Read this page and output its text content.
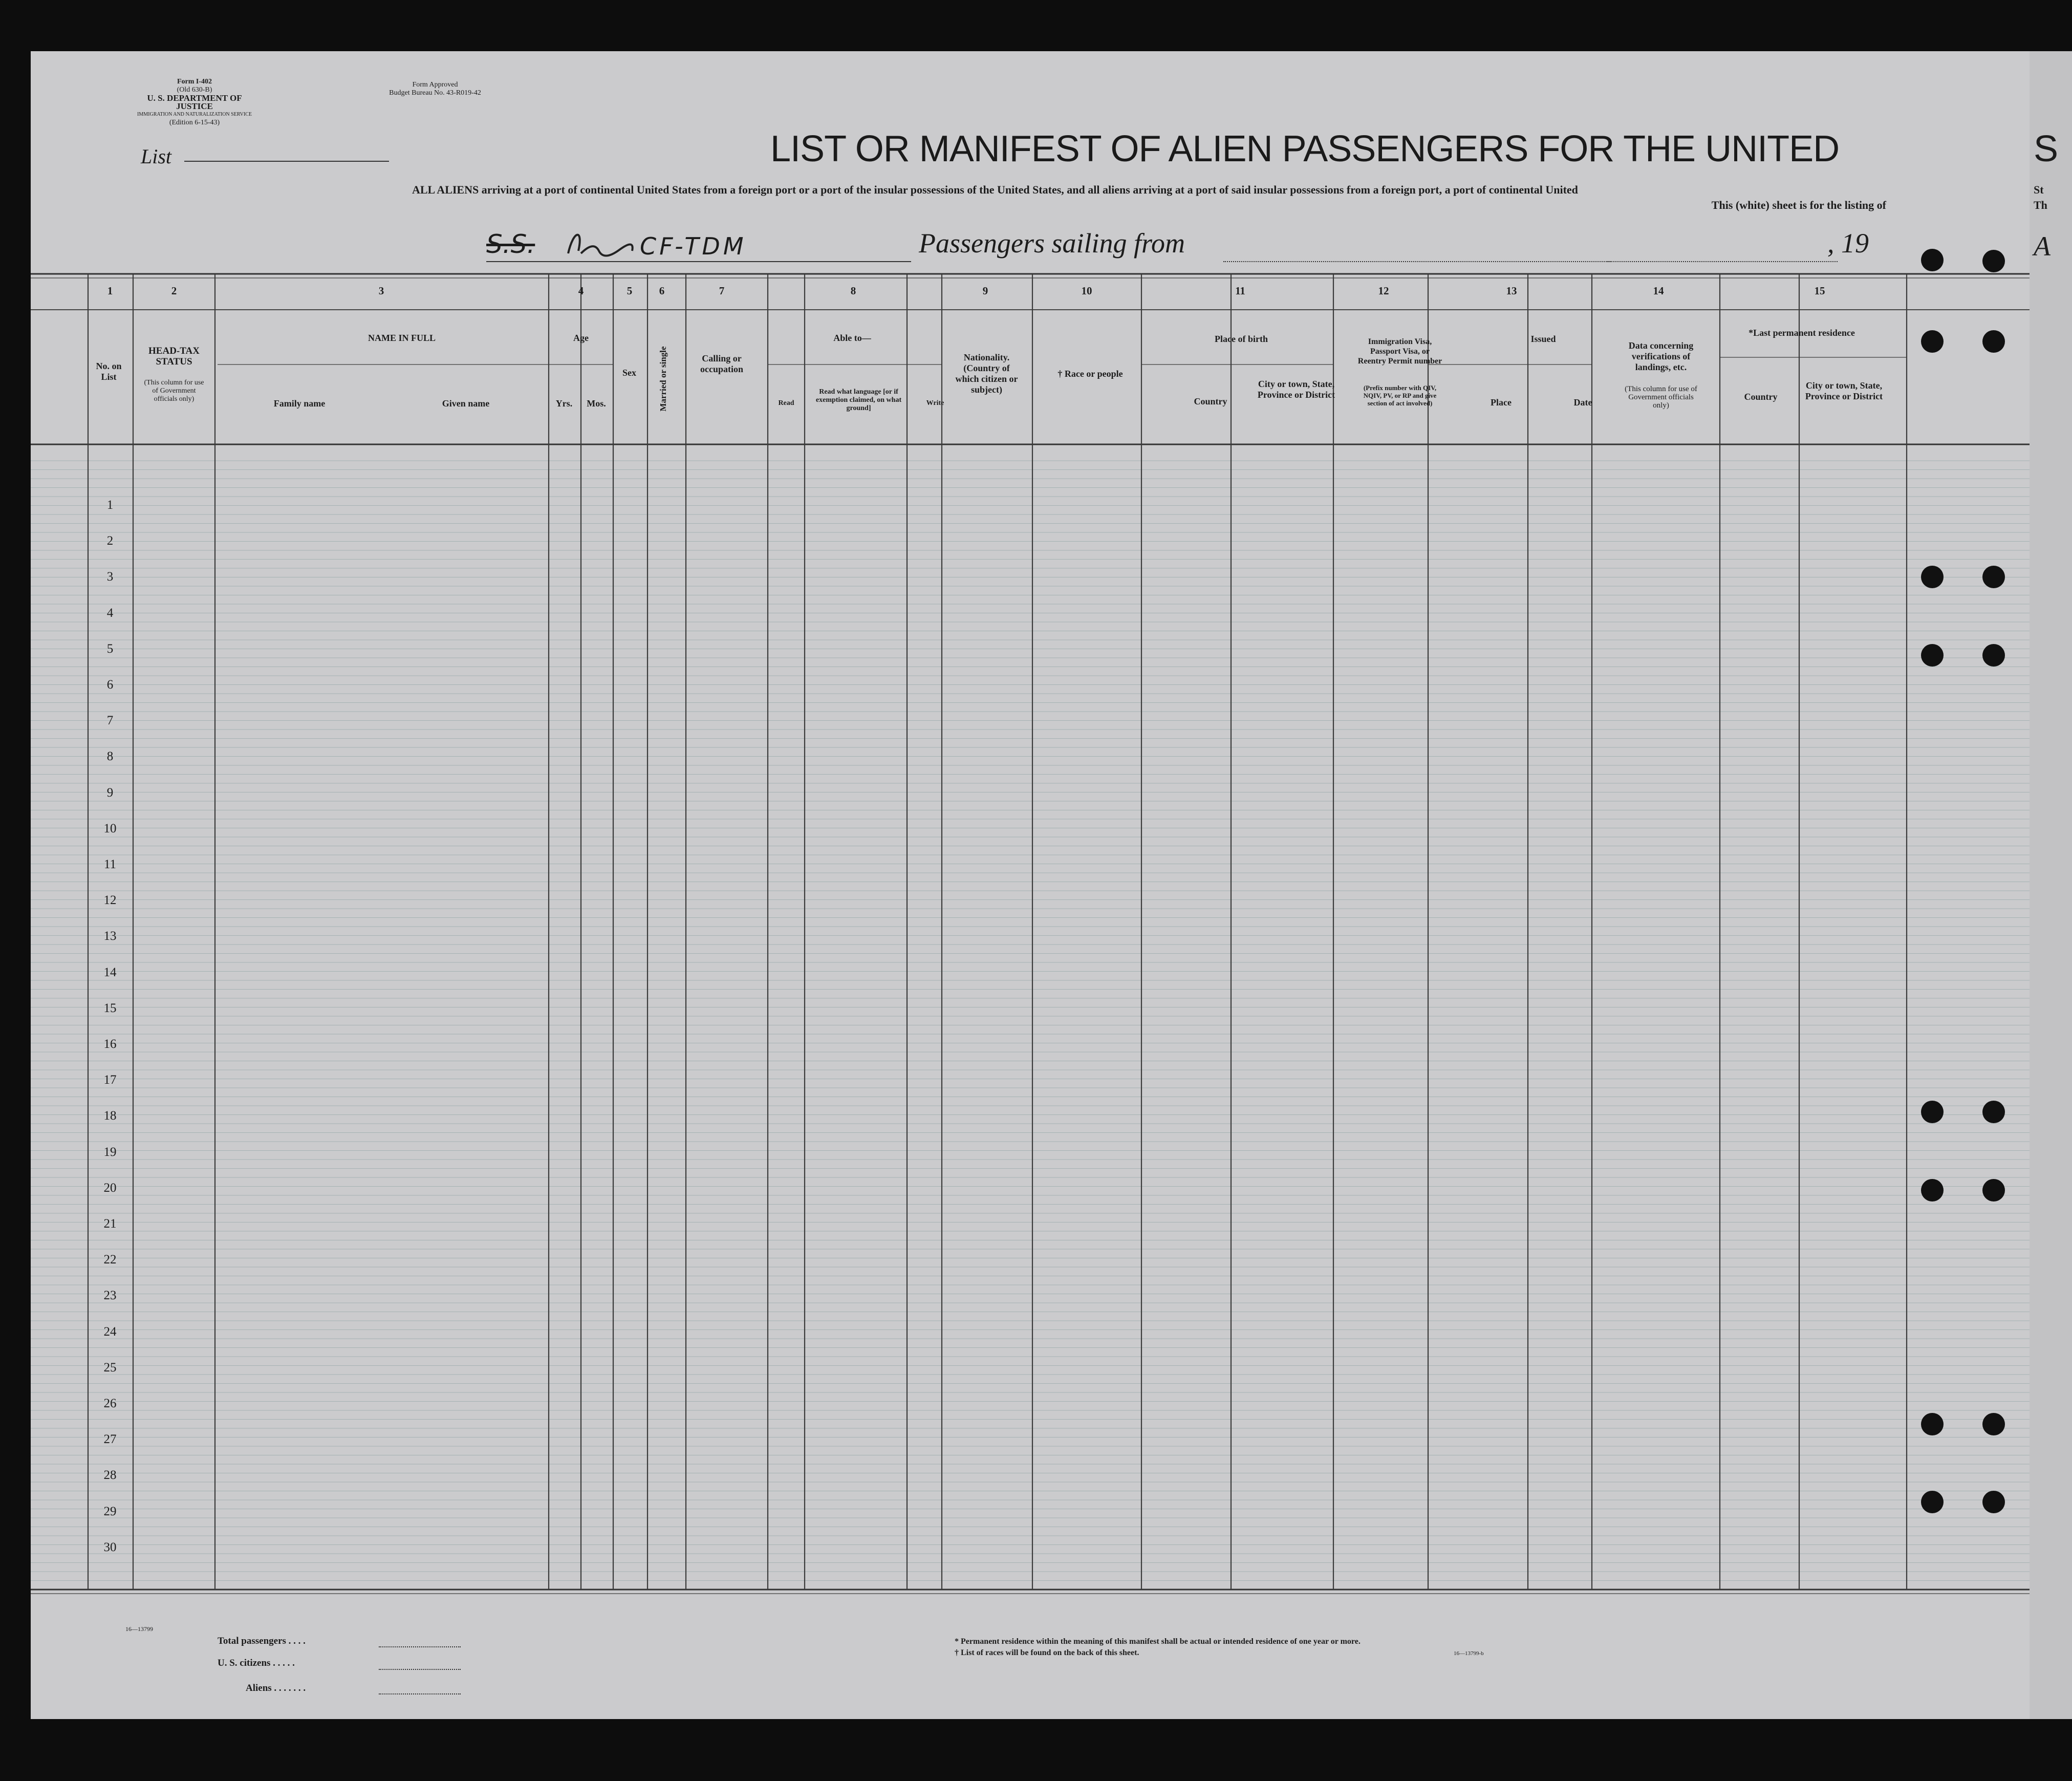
Form I-402
(Old 630-B)
U. S. DEPARTMENT OF JUSTICE
IMMIGRATION AND NATURALIZATION SERVICE
(Edition 6-15-43)
Form Approved
Budget Bureau No. 43-R019-42
List	LIST OR MANIFEST OF ALIEN PASSENGERS FOR THE UNITED
ALL ALIENS arriving at a port of continental United States from a foreign port or a port of the insular possessions of the United States, and all aliens arriving at a port of said insular possessions from a foreign port, a port of continental United
This (white) sheet is for the listing of
S.S.	CF-TDM	Passengers sailing from	, 19
1	2	3	4	5	6	7	8	9	10	11	12	13	14	15
No. on List
HEAD-TAX STATUS
(This column for use of Government officials only)
NAME IN FULL
Family name	Given name
Age
Yrs.	Mos.
Sex	Married or single	Calling or occupation
Able to—
Read
Read what language [or if exemption claimed, on what ground]
Write
Nationality. (Country of which citizen or subject)
† Race or people
Place of birth
Country
City or town, State, Province or District
Immigration Visa, Passport Visa, or Reentry Permit number
(Prefix number with QIV, NQIV, PV, or RP and give section of act involved)
Issued
Place	Date
Data concerning verifications of landings, etc.
(This column for use of Government officials only)
*Last permanent residence
Country
City or town, State, Province or District
1
2
3
4
5
6
7
8
9
10
11
12
13
14
15
16
17
18
19
20
21
22
23
24
25
26
27
28
29
30
16—13799
Total passengers . . . .
U. S. citizens . . . . .
Aliens . . . . . . .
* Permanent residence within the meaning of this manifest shall be actual or intended residence of one year or more.
† List of races will be found on the back of this sheet.	16—13799-b
S
St
Th
A
